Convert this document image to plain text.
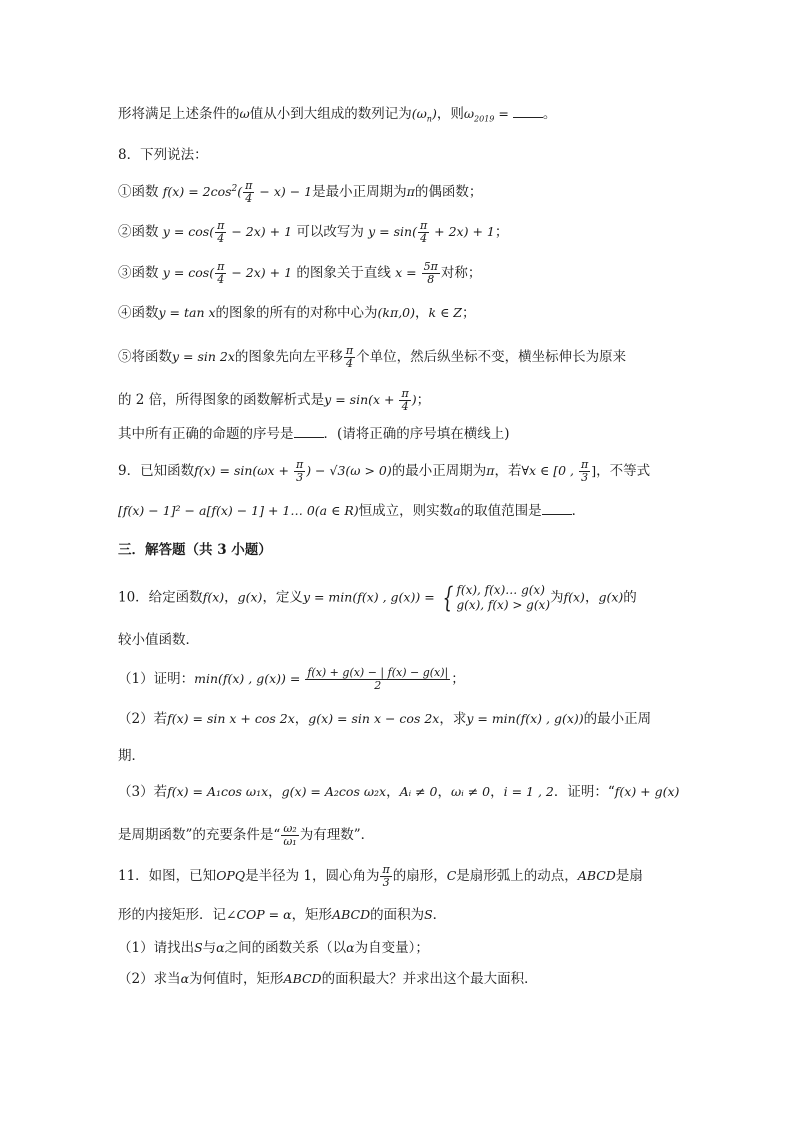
形将满足上述条件的ω值从小到大组成的数列记为$(\omega_n)$，则$\omega_{2019}$ = 。
8．下列说法：
①函数 $f(x) = 2\cos^2( \frac{\pi}{4} - x) - 1$是最小正周期为π的偶函数；
②函数 $y = \cos( \frac{\pi}{4} - 2x) + 1$ 可以改写为 $y = \sin( \frac{\pi}{4} + 2x) + 1$；
③函数 $y = \cos( \frac{\pi}{4} - 2x) + 1$ 的图象关于直线 $x = \frac{5\pi}{8}$ 对称；
④函数y = tan x的图象的所有的对称中心为(kπ,0)，k ∈ Z；
⑤将函数y = sin 2x的图象先向左平移 $\frac{\pi}{4}$ 个单位，然后纵坐标不变，横坐标伸长为原来
的 2 倍，所得图象的函数解析式是$y = \sin(x + \frac{\pi}{4}$ )；
其中所有正确的命题的序号是 ．(请将正确的序号填在横线上)
9．已知函数$f(x) = \sin(\omega x + \frac{\pi}{3}$ ) − √3(ω > 0)的最小正周期为π，若∀x ∈ [0 , $\frac{\pi}{3}$ ]，不等式
[f(x) − 1]² − a[f(x) − 1] + 1… 0(a ∈ R)恒成立，则实数a的取值范围是 ．
三．解答题（共 3 小题）
10．给定函数f(x)，g(x)，定义y = min(f(x) , g(x)) = { f(x), f(x)… g(x)
g(x), f(x) > g(x) 为f(x)，g(x)的
较小值函数．
（1）证明：min(f(x) , $g(x)) = \frac{f(x) + g(x) - | f(x) - g(x)|}{2}$ ；
（2）若f(x) = sin x + cos 2x，g(x) = sin x − cos 2x，求y = min(f(x) , g(x))的最小正周
期．
（3）若f(x) = A₁cos ω₁x，g(x) = A₂cos ω₂x，Aᵢ ≠ 0，ωᵢ ≠ 0，i = 1 , 2．证明：“f(x) + g(x)
是周期函数”的充要条件是“ $\frac{\text{ω₂}}{\text{ω₁}}$ 为有理数”．
11．如图，已知OPQ是半径为 1，圆心角为 $\frac{\pi}{3}$ 的扇形，C是扇形弧上的动点，ABCD是扇
形的内接矩形．记∠COP = α，矩形ABCD的面积为S．
（1）请找出S与α之间的函数关系（以α为自变量）；
（2）求当α为何值时，矩形ABCD的面积最大？并求出这个最大面积．
